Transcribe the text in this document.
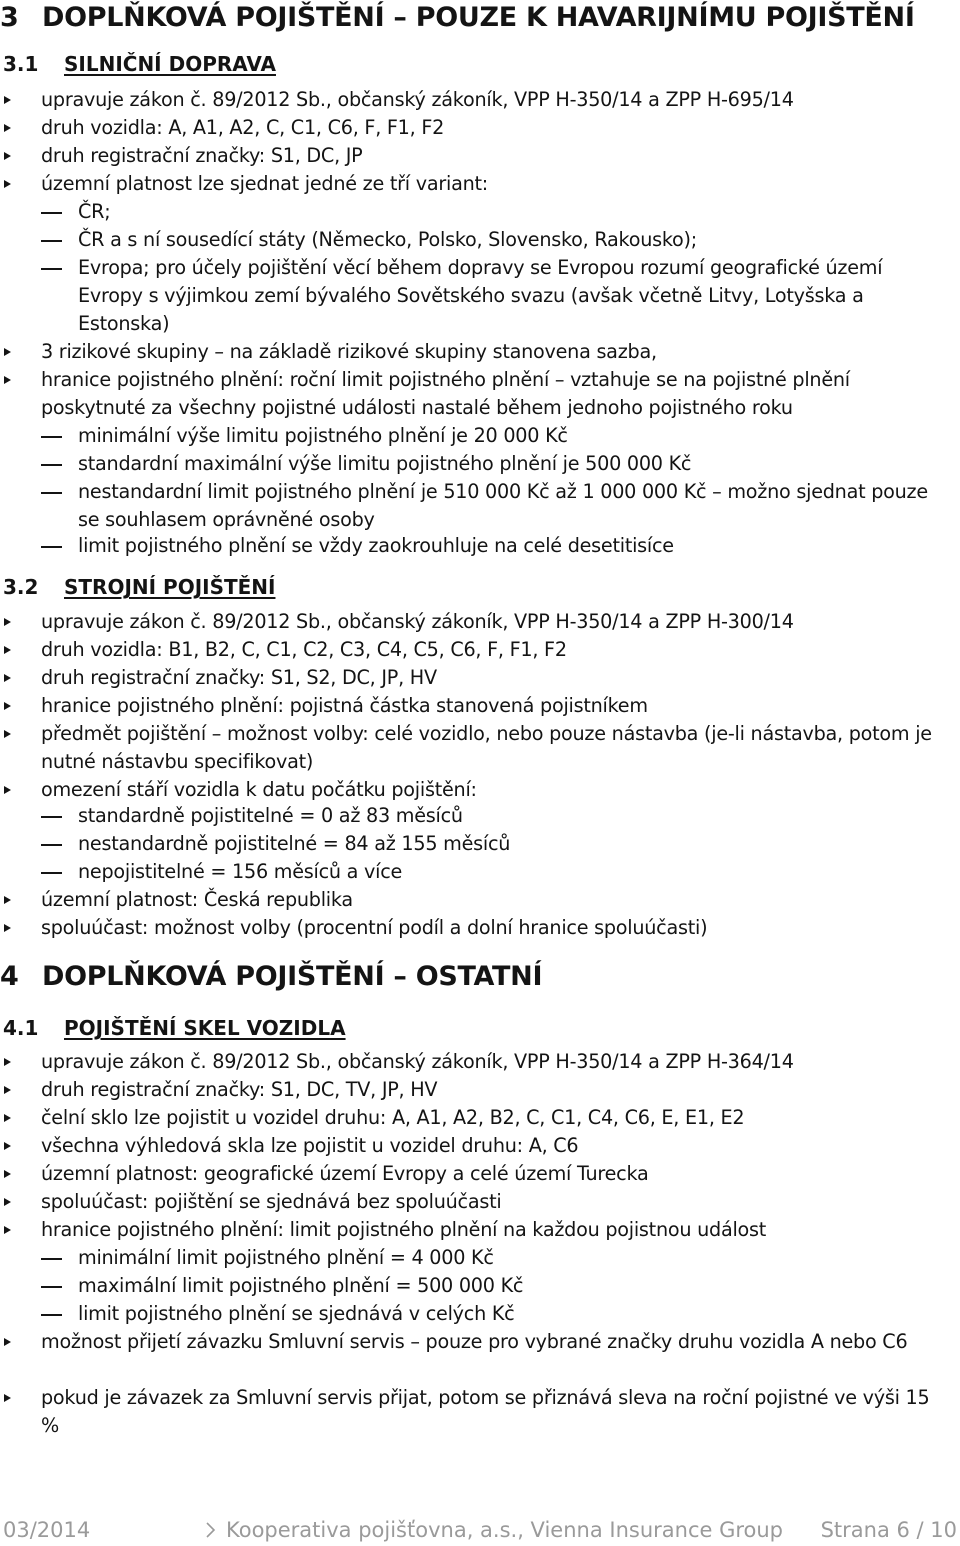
3 DOPLŇKOVÁ POJIŠTĚNÍ – POUZE K HAVARIJNÍMU POJIŠTĚNÍ
3.1 SILNIČNÍ DOPRAVA
upravuje zákon č. 89/2012 Sb., občanský zákoník, VPP H-350/14 a ZPP H-695/14
druh vozidla: A, A1, A2, C, C1, C6, F, F1, F2
druh registrační značky: S1, DC, JP
územní platnost lze sjednat jedné ze tří variant:
ČR;
ČR a s ní sousedící státy (Německo, Polsko, Slovensko, Rakousko);
Evropa; pro účely pojištění věcí během dopravy se Evropou rozumí geografické území Evropy s výjimkou zemí bývalého Sovětského svazu (avšak včetně Litvy, Lotyšska a Estonska)
3 rizikové skupiny – na základě rizikové skupiny stanovena sazba,
hranice pojistného plnění: roční limit pojistného plnění – vztahuje se na pojistné plnění poskytnuté za všechny pojistné události nastalé během jednoho pojistného roku
minimální výše limitu pojistného plnění je 20 000 Kč
standardní maximální výše limitu pojistného plnění je 500 000 Kč
nestandardní limit pojistného plnění je 510 000 Kč až 1 000 000 Kč – možno sjednat pouze se souhlasem oprávněné osoby
limit pojistného plnění se vždy zaokrouhluje na celé desetitisíce
3.2 STROJNÍ POJIŠTĚNÍ
upravuje zákon č. 89/2012 Sb., občanský zákoník, VPP H-350/14 a ZPP H-300/14
druh vozidla: B1, B2, C, C1, C2, C3, C4, C5, C6, F, F1, F2
druh registrační značky: S1, S2, DC, JP, HV
hranice pojistného plnění: pojistná částka stanovená pojistníkem
předmět pojištění – možnost volby: celé vozidlo, nebo pouze nástavba (je-li nástavba, potom je nutné nástavbu specifikovat)
omezení stáří vozidla k datu počátku pojištění:
standardně pojistitelné = 0 až 83 měsíců
nestandardně pojistitelné = 84 až 155 měsíců
nepojistitelné = 156 měsíců a více
územní platnost: Česká republika
spoluúčast: možnost volby (procentní podíl a dolní hranice spoluúčasti)
4 DOPLŇKOVÁ POJIŠTĚNÍ – OSTATNÍ
4.1 POJIŠTĚNÍ SKEL VOZIDLA
upravuje zákon č. 89/2012 Sb., občanský zákoník, VPP H-350/14 a ZPP H-364/14
druh registrační značky: S1, DC, TV, JP, HV
čelní sklo lze pojistit u vozidel druhu: A, A1, A2, B2, C, C1, C4, C6, E, E1, E2
všechna výhledová skla lze pojistit u vozidel druhu: A, C6
územní platnost: geografické území Evropy a celé území Turecka
spoluúčast: pojištění se sjednává bez spoluúčasti
hranice pojistného plnění: limit pojistného plnění na každou pojistnou událost
minimální limit pojistného plnění = 4 000 Kč
maximální limit pojistného plnění = 500 000 Kč
limit pojistného plnění se sjednává v celých Kč
možnost přijetí závazku Smluvní servis – pouze pro vybrané značky druhu vozidla A nebo C6
pokud je závazek za Smluvní servis přijat, potom se přiznává sleva na roční pojistné ve výši 15 %
03/2014	Kooperativa pojišťovna, a.s., Vienna Insurance Group Strana 6 / 10
